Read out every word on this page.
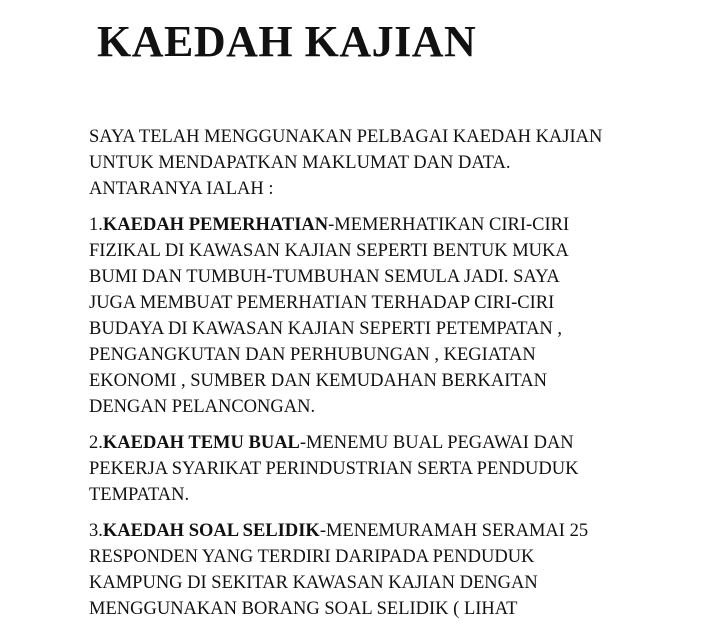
KAEDAH KAJIAN

SAYA TELAH MENGGUNAKAN PELBAGAI KAEDAH KAJIAN
UNTUK MENDAPATKAN MAKLUMAT DAN DATA.
ANTARANYA IALAH :

1.KAEDAH PEMERHATIAN-MEMERHATIKAN CIRI-CIRI
FIZIKAL DI KAWASAN KAJIAN SEPERTI BENTUK MUKA
BUMI DAN TUMBUH-TUMBUHAN SEMULA JADI. SAYA
JUGA MEMBUAT PEMERHATIAN TERHADAP CIRI-CIRI
BUDAYA DI KAWASAN KAJIAN SEPERTI PETEMPATAN ,
PENGANGKUTAN DAN PERHUBUNGAN , KEGIATAN
EKONOMI , SUMBER DAN KEMUDAHAN BERKAITAN
DENGAN PELANCONGAN.

2.KAEDAH TEMU BUAL-MENEMU BUAL PEGAWAI DAN
PEKERJA SYARIKAT PERINDUSTRIAN SERTA PENDUDUK
TEMPATAN.

3.KAEDAH SOAL SELIDIK-MENEMURAMAH SERAMAI 25
RESPONDEN YANG TERDIRI DARIPADA PENDUDUK
KAMPUNG DI SEKITAR KAWASAN KAJIAN DENGAN
MENGGUNAKAN BORANG SOAL SELIDIK ( LIHAT
